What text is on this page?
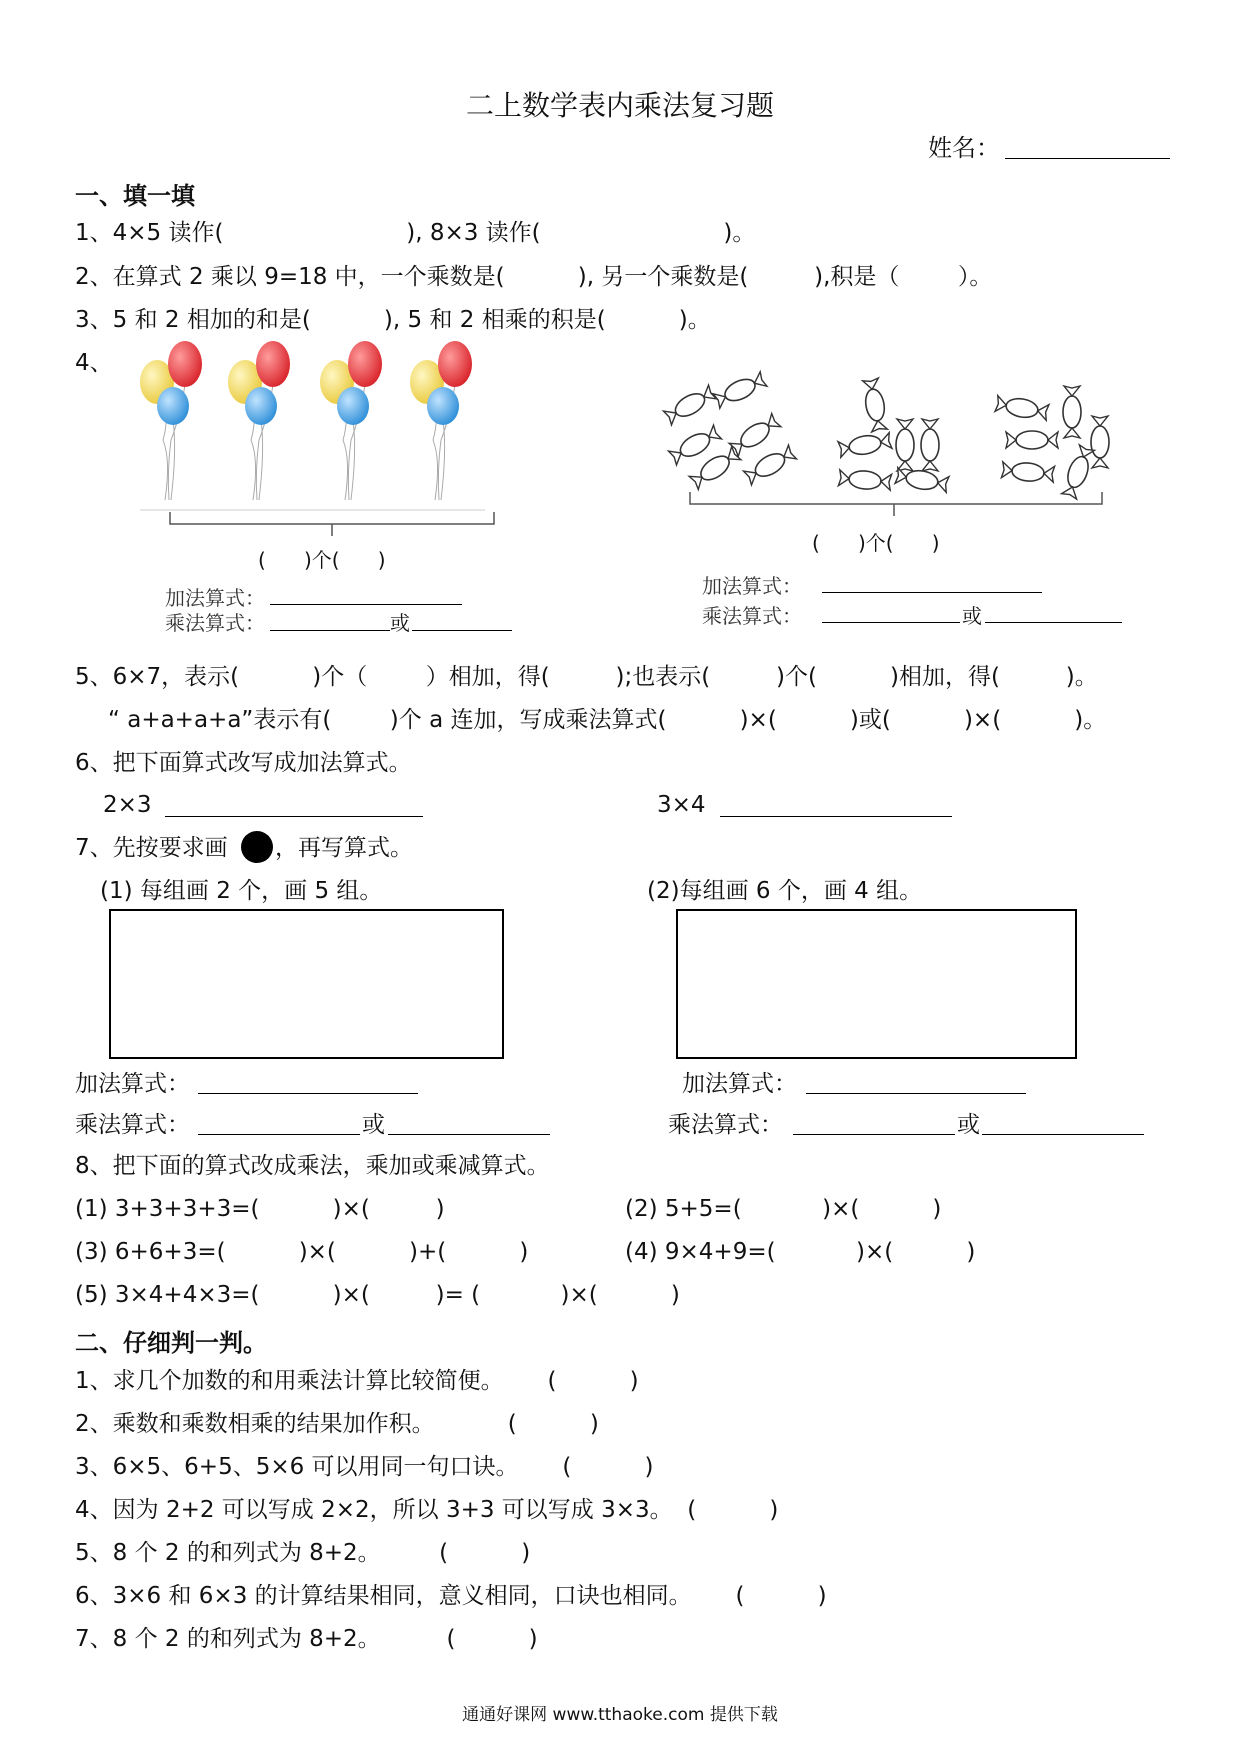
二上数学表内乘法复习题
姓名：
一、填一填
1、4×5 读作(                         ), 8×3 读作(                         )。
2、在算式 2 乘以 9=18 中，一个乘数是(          ), 另一个乘数是(         ),积是（        ）。
3、5 和 2 相加的和是(          ), 5 和 2 相乘的积是(          )。
4、
(      )个(      )
加法算式：
乘法算式：	或
(      )个(      )
加法算式：
乘法算式：	或
5、6×7，表示(          )个（        ）相加，得(         );也表示(         )个(          )相加，得(         )。
“ a+a+a+a”表示有(        )个 a 连加，写成乘法算式(          )×(          )或(          )×(          )。
6、把下面算式改写成加法算式。
2×3	3×4
7、先按要求画 ，再写算式。
(1) 每组画 2 个，画 5 组。	(2)每组画 6 个，画 4 组。
加法算式：
乘法算式：	或
加法算式：
乘法算式：	或
8、把下面的算式改成乘法，乘加或乘减算式。
(1) 3+3+3+3=(          )×(         )	(2) 5+5=(           )×(          )
(3) 6+6+3=(          )×(          )+(          )	(4) 9×4+9=(           )×(          )
(5) 3×4+4×3=(          )×(         )= (           )×(          )
二、仔细判一判。
1、求几个加数的和用乘法计算比较简便。      (          )
2、乘数和乘数相乘的结果加作积。          (          )
3、6×5、6+5、5×6 可以用同一句口诀。      (          )
4、因为 2+2 可以写成 2×2，所以 3+3 可以写成 3×3。  (          )
5、8 个 2 的和列式为 8+2。        (          )
6、3×6 和 6×3 的计算结果相同，意义相同，口诀也相同。      (          )
7、8 个 2 的和列式为 8+2。         (          )
通通好课网 www.tthaoke.com 提供下载
